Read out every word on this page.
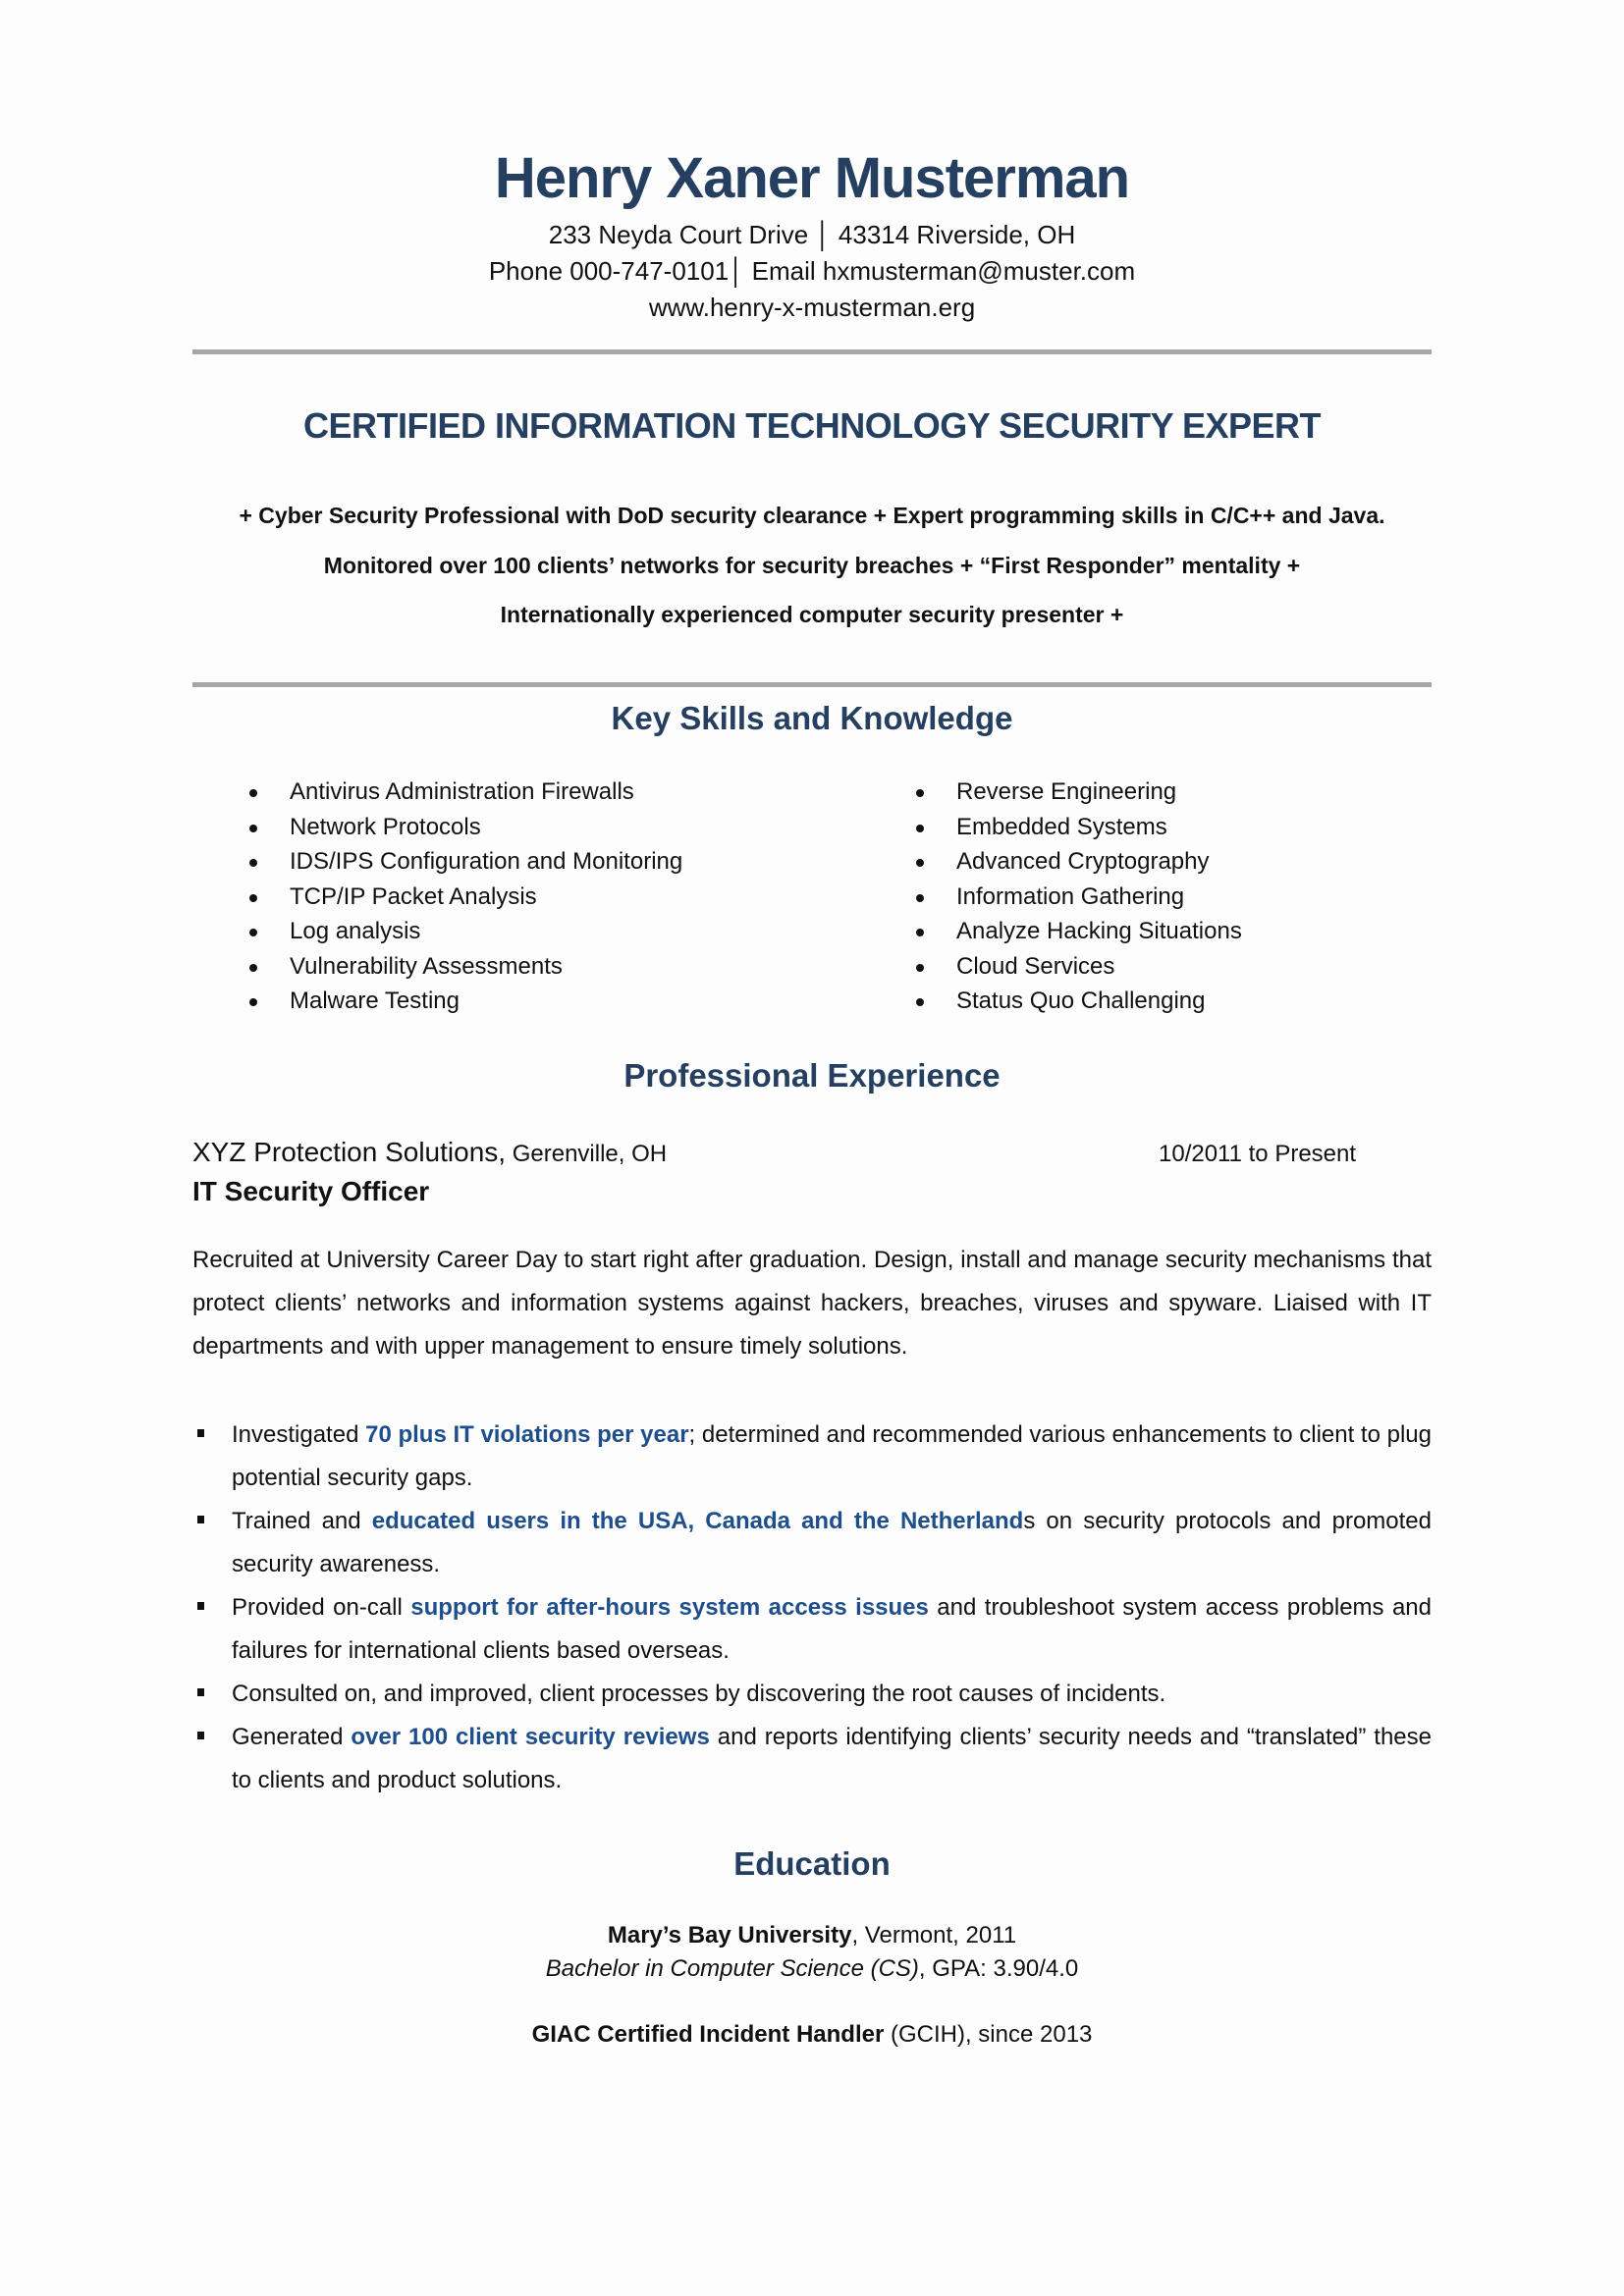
Henry Xaner Musterman
233 Neyda Court Drive │ 43314 Riverside, OH
Phone 000-747-0101│ Email hxmusterman@muster.com
www.henry-x-musterman.erg
CERTIFIED INFORMATION TECHNOLOGY SECURITY EXPERT
+ Cyber Security Professional with DoD security clearance + Expert programming skills in C/C++ and Java.
Monitored over 100 clients’ networks for security breaches + “First Responder” mentality +
Internationally experienced computer security presenter +
Key Skills and Knowledge
Antivirus Administration Firewalls
Network Protocols
IDS/IPS Configuration and Monitoring
TCP/IP Packet Analysis
Log analysis
Vulnerability Assessments
Malware Testing
Reverse Engineering
Embedded Systems
Advanced Cryptography
Information Gathering
Analyze Hacking Situations
Cloud Services
Status Quo Challenging
Professional Experience
XYZ Protection Solutions, Gerenville, OH	10/2011 to Present
IT Security Officer
Recruited at University Career Day to start right after graduation. Design, install and manage security mechanisms that protect clients’ networks and information systems against hackers, breaches, viruses and spyware. Liaised with IT departments and with upper management to ensure timely solutions.
Investigated 70 plus IT violations per year; determined and recommended various enhancements to client to plug potential security gaps.
Trained and educated users in the USA, Canada and the Netherlands on security protocols and promoted security awareness.
Provided on-call support for after-hours system access issues and troubleshoot system access problems and failures for international clients based overseas.
Consulted on, and improved, client processes by discovering the root causes of incidents.
Generated over 100 client security reviews and reports identifying clients’ security needs and “translated” these to clients and product solutions.
Education
Mary’s Bay University, Vermont, 2011
Bachelor in Computer Science (CS), GPA: 3.90/4.0
GIAC Certified Incident Handler (GCIH), since 2013
